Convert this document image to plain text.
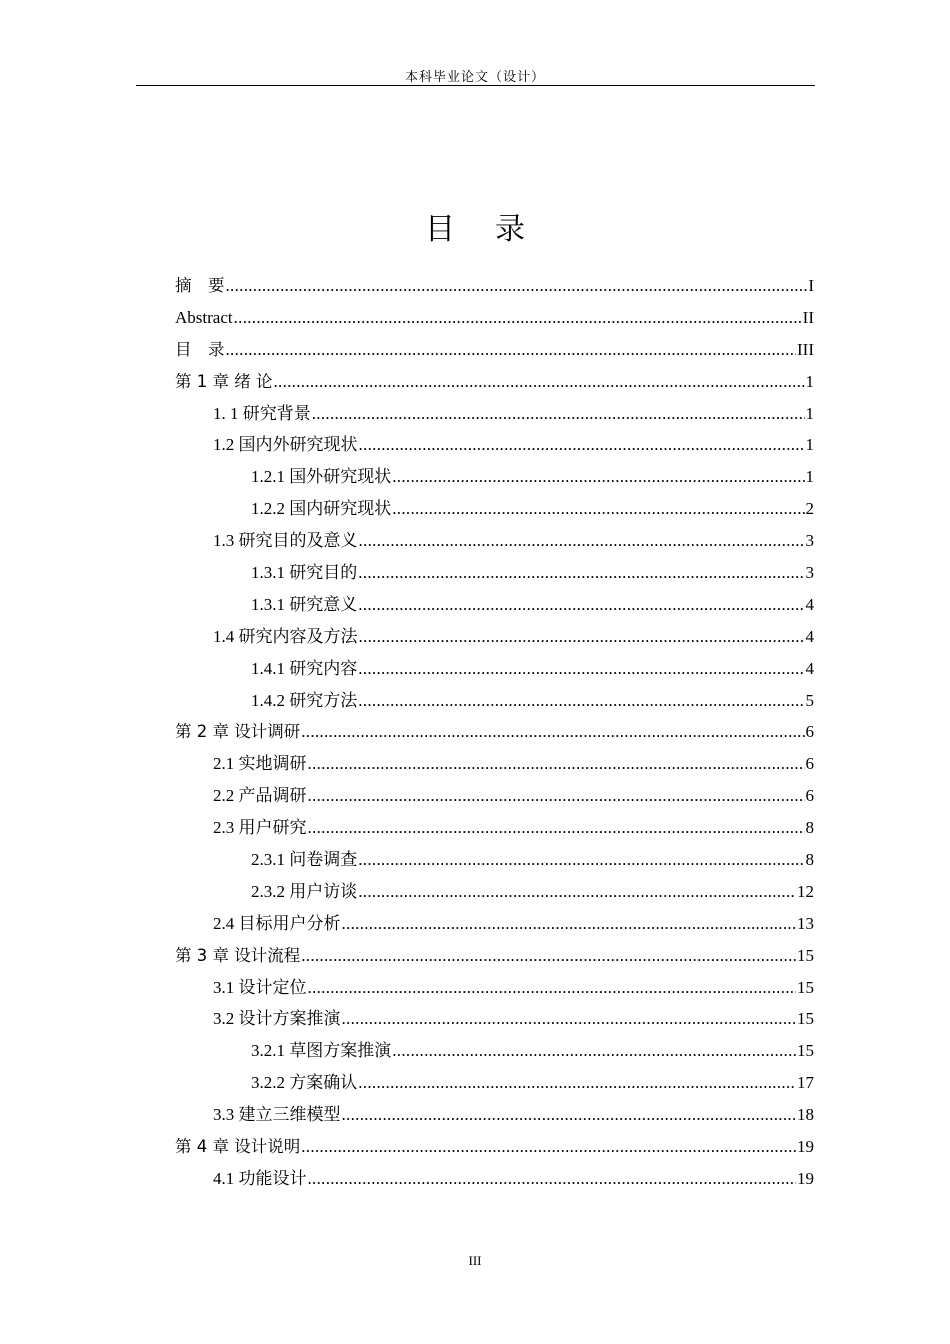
本科毕业论文（设计）
目 录
摘　要 .....	I
Abstract .....	II
目　录 .....	III
第 1 章 绪 论 .....	1
1. 1 研究背景 .....	1
1.2 国内外研究现状 .....	1
1.2.1 国外研究现状 .....	1
1.2.2 国内研究现状 .....	2
1.3 研究目的及意义 .....	3
1.3.1 研究目的 .....	3
1.3.1 研究意义 .....	4
1.4 研究内容及方法 .....	4
1.4.1 研究内容 .....	4
1.4.2 研究方法 .....	5
第 2 章 设计调研 .....	6
2.1 实地调研 .....	6
2.2 产品调研 .....	6
2.3 用户研究 .....	8
2.3.1 问卷调查 .....	8
2.3.2 用户访谈 .....	12
2.4 目标用户分析 .....	13
第 3 章 设计流程 .....	15
3.1 设计定位 .....	15
3.2 设计方案推演 .....	15
3.2.1 草图方案推演 .....	15
3.2.2 方案确认 .....	17
3.3 建立三维模型 .....	18
第 4 章 设计说明 .....	19
4.1 功能设计 .....	19
III
